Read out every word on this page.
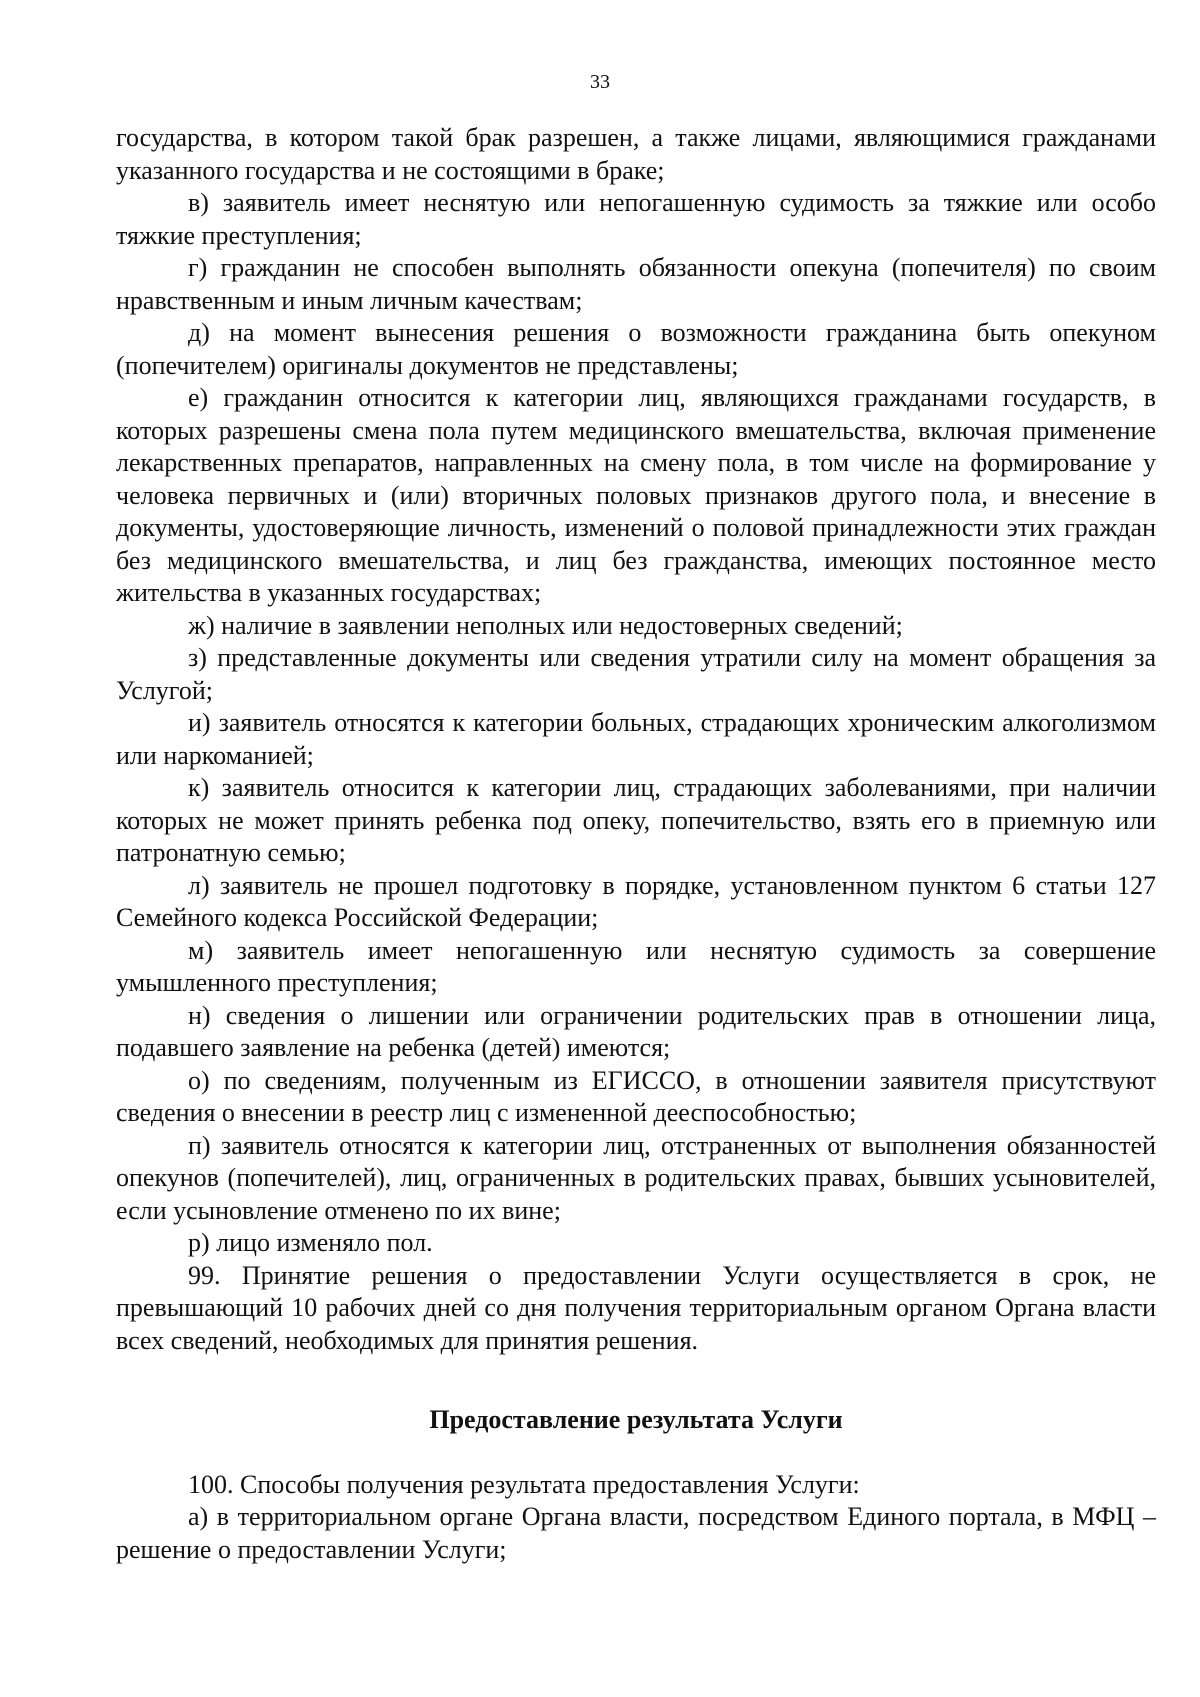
33

государства, в котором такой брак разрешен, а также лицами, являющимися гражданами указанного государства и не состоящими в браке;

в) заявитель имеет неснятую или непогашенную судимость за тяжкие или особо тяжкие преступления;

г) гражданин не способен выполнять обязанности опекуна (попечителя) по своим нравственным и иным личным качествам;

д) на момент вынесения решения о возможности гражданина быть опекуном (попечителем) оригиналы документов не представлены;

е) гражданин относится к категории лиц, являющихся гражданами государств, в которых разрешены смена пола путем медицинского вмешательства, включая применение лекарственных препаратов, направленных на смену пола, в том числе на формирование у человека первичных и (или) вторичных половых признаков другого пола, и внесение в документы, удостоверяющие личность, изменений о половой принадлежности этих граждан без медицинского вмешательства, и лиц без гражданства, имеющих постоянное место жительства в указанных государствах;

ж) наличие в заявлении неполных или недостоверных сведений;

з) представленные документы или сведения утратили силу на момент обращения за Услугой;

и) заявитель относятся к категории больных, страдающих хроническим алкоголизмом или наркоманией;

к) заявитель относится к категории лиц, страдающих заболеваниями, при наличии которых не может принять ребенка под опеку, попечительство, взять его в приемную или патронатную семью;

л) заявитель не прошел подготовку в порядке, установленном пунктом 6 статьи 127 Семейного кодекса Российской Федерации;

м) заявитель имеет непогашенную или неснятую судимость за совершение умышленного преступления;

н) сведения о лишении или ограничении родительских прав в отношении лица, подавшего заявление на ребенка (детей) имеются;

о) по сведениям, полученным из ЕГИССО, в отношении заявителя присутствуют сведения о внесении в реестр лиц с измененной дееспособностью;

п) заявитель относятся к категории лиц, отстраненных от выполнения обязанностей опекунов (попечителей), лиц, ограниченных в родительских правах, бывших усыновителей, если усыновление отменено по их вине;

р) лицо изменяло пол.

99. Принятие решения о предоставлении Услуги осуществляется в срок, не превышающий 10 рабочих дней со дня получения территориальным органом Органа власти всех сведений, необходимых для принятия решения.

Предоставление результата Услуги

100. Способы получения результата предоставления Услуги:

а) в территориальном органе Органа власти, посредством Единого портала, в МФЦ – решение о предоставлении Услуги;
